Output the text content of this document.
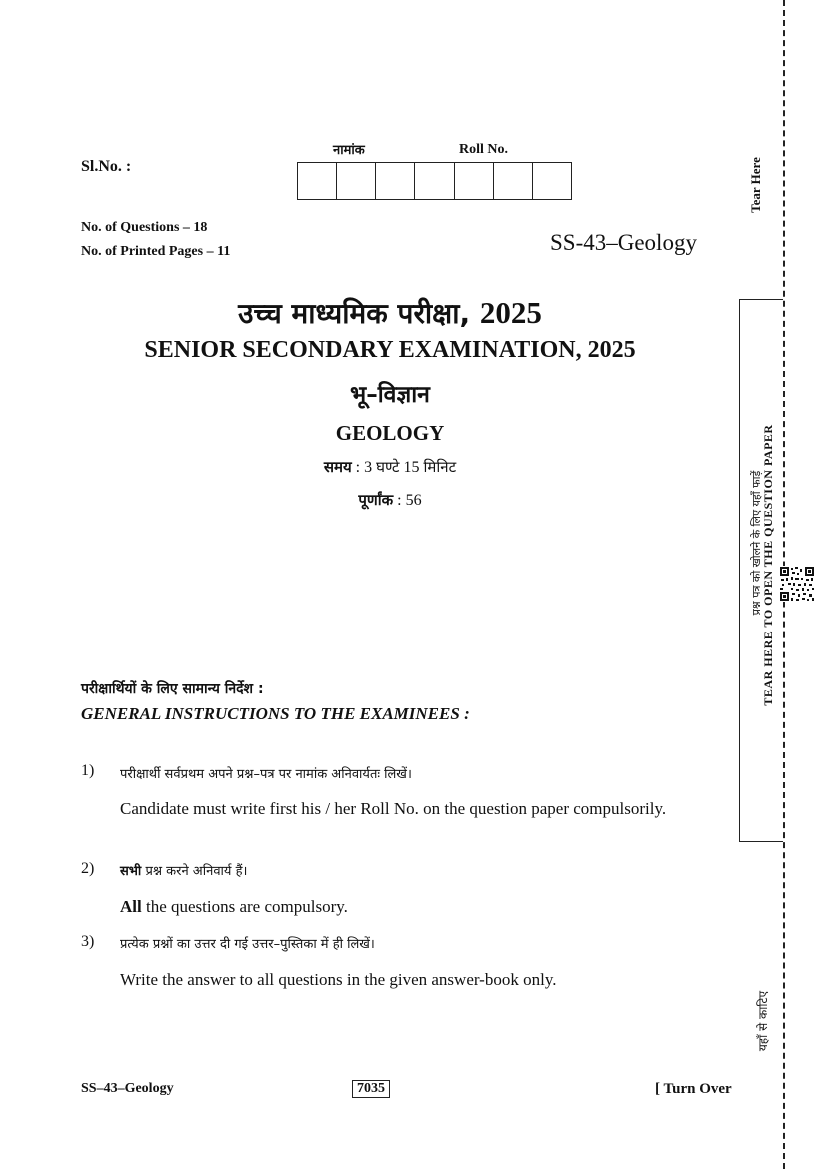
Sl.No. :
नामांक	Roll No.
No. of Questions – 18
No. of Printed Pages – 11	SS-43–Geology
उच्च माध्यमिक परीक्षा, 2025
SENIOR SECONDARY EXAMINATION, 2025
भू–विज्ञान
GEOLOGY
समय : 3 घण्टे 15 मिनिट
पूर्णांक : 56
परीक्षार्थियों के लिए सामान्य निर्देश :
GENERAL INSTRUCTIONS TO THE EXAMINEES :
1) परीक्षार्थी सर्वप्रथम अपने प्रश्न–पत्र पर नामांक अनिवार्यतः लिखें।
Candidate must write first his / her Roll No. on the question paper compulsorily.
2) सभी प्रश्न करने अनिवार्य हैं।
All the questions are compulsory.
3) प्रत्येक प्रश्नों का उत्तर दी गई उत्तर–पुस्तिका में ही लिखें।
Write the answer to all questions in the given answer-book only.
SS–43–Geology	7035	[ Turn Over
Tear Here
प्रश्न पत्र को खोलने के लिए यहाँ फाड़ें
TEAR HERE TO OPEN THE QUESTION PAPER
यहाँ से काटिए
